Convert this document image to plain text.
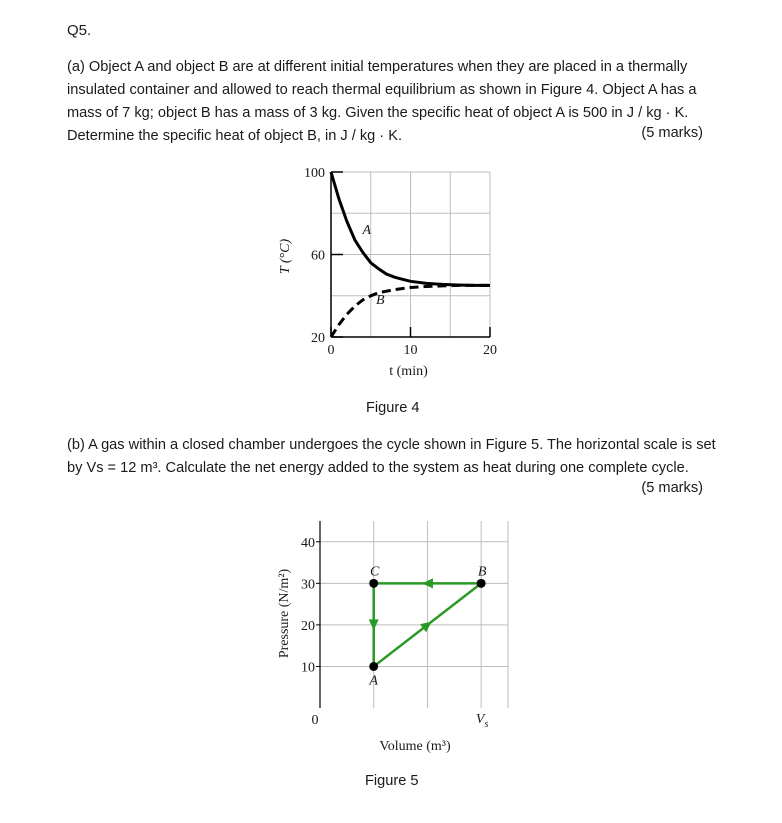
Q5.

(a) Object A and object B are at different initial temperatures when they are placed in a thermally

insulated container and allowed to reach thermal equilibrium as shown in Figure 4. Object A has a

mass of 7 kg; object B has a mass of 3 kg. Given the specific heat of object A is 500 in J / kg · K.

Determine the specific heat of object B, in J / kg · K.	(5 marks)

(b) A gas within a closed chamber undergoes the cycle shown in Figure 5. The horizontal scale is set

by Vs = 12 m³. Calculate the net energy added to the system as heat during one complete cycle.

(5 marks)
20
60
100
0	10	20
t (min)
T (°C)
A
B
10
20
30
40
0	$V_s$
Volume (m³)
Pressure (N/m²)
A
B
C
Figure 4
Figure 5
